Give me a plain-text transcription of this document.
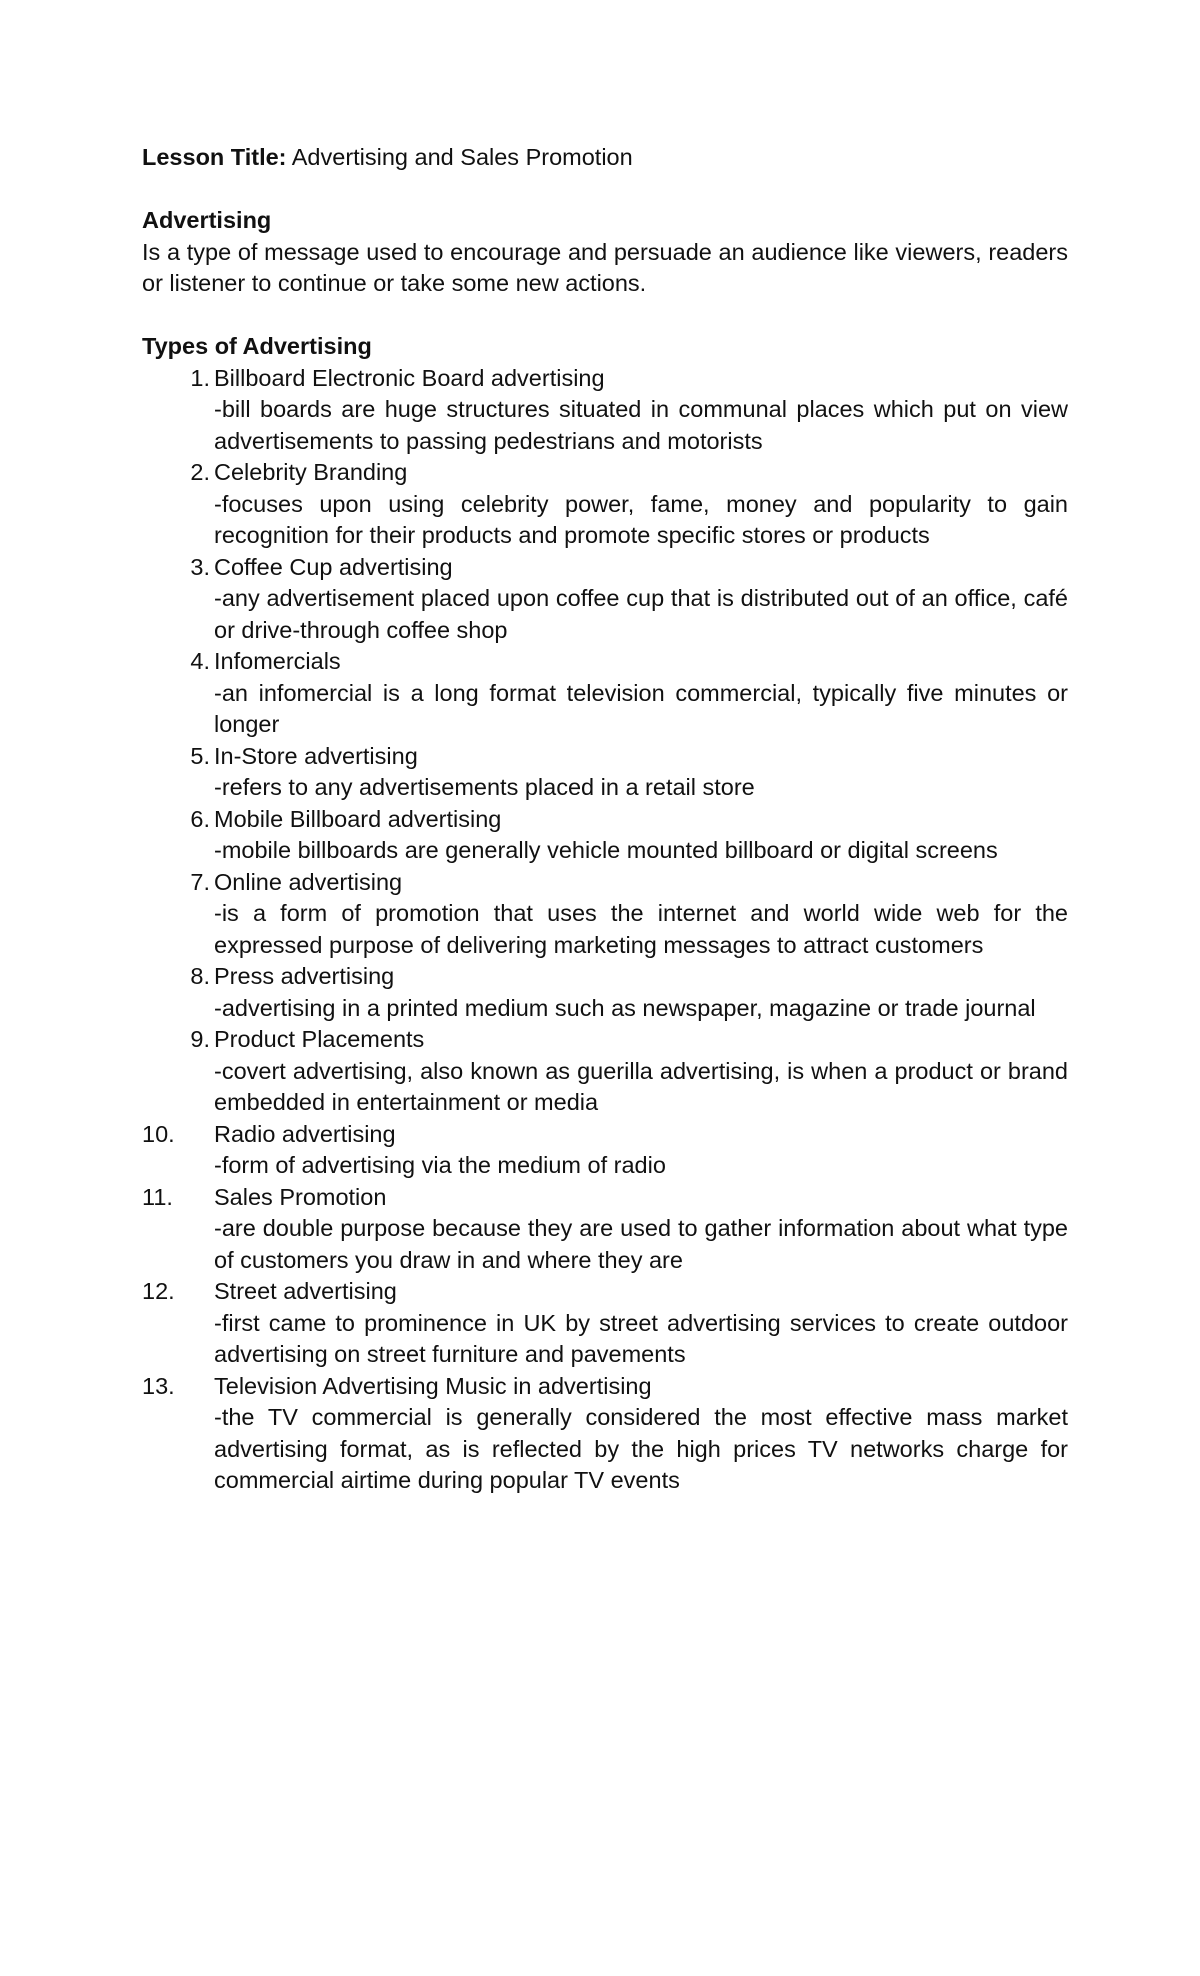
Lesson Title: Advertising and Sales Promotion

Advertising

Is a type of message used to encourage and persuade an audience like viewers, readers or listener to continue or take some new actions.

Types of Advertising

1. Billboard Electronic Board advertising
-bill boards are huge structures situated in communal places which put on view advertisements to passing pedestrians and motorists
2. Celebrity Branding
-focuses upon using celebrity power, fame, money and popularity to gain recognition for their products and promote specific stores or products
3. Coffee Cup advertising
-any advertisement placed upon coffee cup that is distributed out of an office, café or drive-through coffee shop
4. Infomercials
-an infomercial is a long format television commercial, typically five minutes or longer
5. In-Store advertising
-refers to any advertisements placed in a retail store
6. Mobile Billboard advertising
-mobile billboards are generally vehicle mounted billboard or digital screens
7. Online advertising
-is a form of promotion that uses the internet and world wide web for the expressed purpose of delivering marketing messages to attract customers
8. Press advertising
-advertising in a printed medium such as newspaper, magazine or trade journal
9. Product Placements
-covert advertising, also known as guerilla advertising, is when a product or brand embedded in entertainment or media
10.	Radio advertising
-form of advertising via the medium of radio
11.	Sales Promotion
-are double purpose because they are used to gather information about what type of customers you draw in and where they are
12.	Street advertising
-first came to prominence in UK by street advertising services to create outdoor advertising on street furniture and pavements
13.	Television Advertising Music in advertising
-the TV commercial is generally considered the most effective mass market advertising format, as is reflected by the high prices TV networks charge for commercial airtime during popular TV events
